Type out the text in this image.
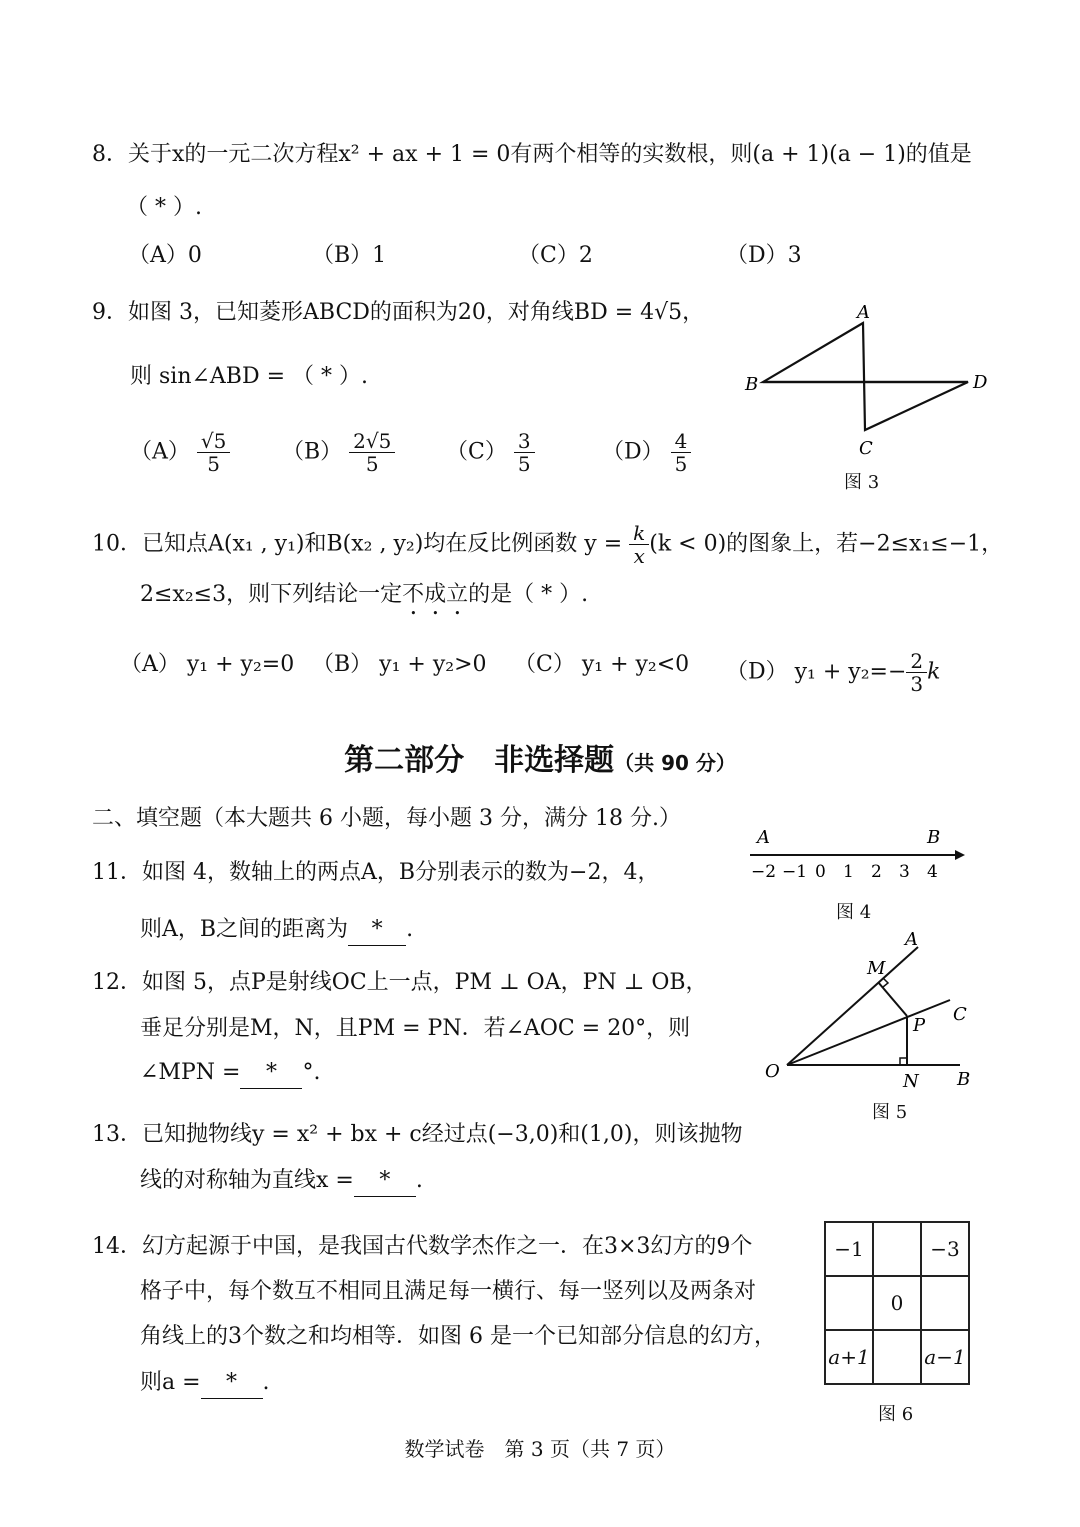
8．关于x的一元二次方程x² + ax + 1 = 0有两个相等的实数根，则(a + 1)(a − 1)的值是
（ * ）.
（A）0	（B）1	（C）2	（D）3
9．如图 3，已知菱形ABCD的面积为20，对角线BD = 4√5，
则 sin∠ABD = （ * ）.
$(A) \frac{√5}{5} (B) \frac{2√5}{5} (C) \frac{3}{5}$	$(D) \frac{4}{5}$
A
B	D
C
图 3
10．已知点A(x₁ , y₁)和B(x₂ , y₂)均在反比例函数 $y = \frac{k}{x} (k < 0)$的图象上，若−2≤x₁≤−1，
2≤x₂≤3，则下列结论一定不成立的是（ * ）.
（A） y₁ + y₂=0 （B） y₁ + y₂>0 （C） y₁ + y₂<0 （D） $y_1 + y_2=- \frac{2}{3}$ k
第二部分　非选择题（共 90 分）
二、填空题（本大题共 6 小题，每小题 3 分，满分 18 分.）
11．如图 4，数轴上的两点A，B分别表示的数为−2，4，
则A，B之间的距离为 * .
A	B
−2 −1 0 1 2 3 4
图 4
12．如图 5，点P是射线OC上一点，PM ⊥ OA，PN ⊥ OB，
垂足分别是M，N，且PM = PN．若∠AOC = 20°，则
∠MPN = * °.
A
M
C
P
O	N B
图 5
13．已知抛物线y = x² + bx + c经过点(−3,0)和(1,0)，则该抛物
线的对称轴为直线x = * .
14．幻方起源于中国，是我国古代数学杰作之一．在3×3幻方的9个
格子中，每个数互不相同且满足每一横行、每一竖列以及两条对
角线上的3个数之和均相等．如图 6 是一个已知部分信息的幻方，
则a = * .
−1		−3
	0	
a+1		a−1
图 6
数学试卷　第 3 页（共 7 页）
